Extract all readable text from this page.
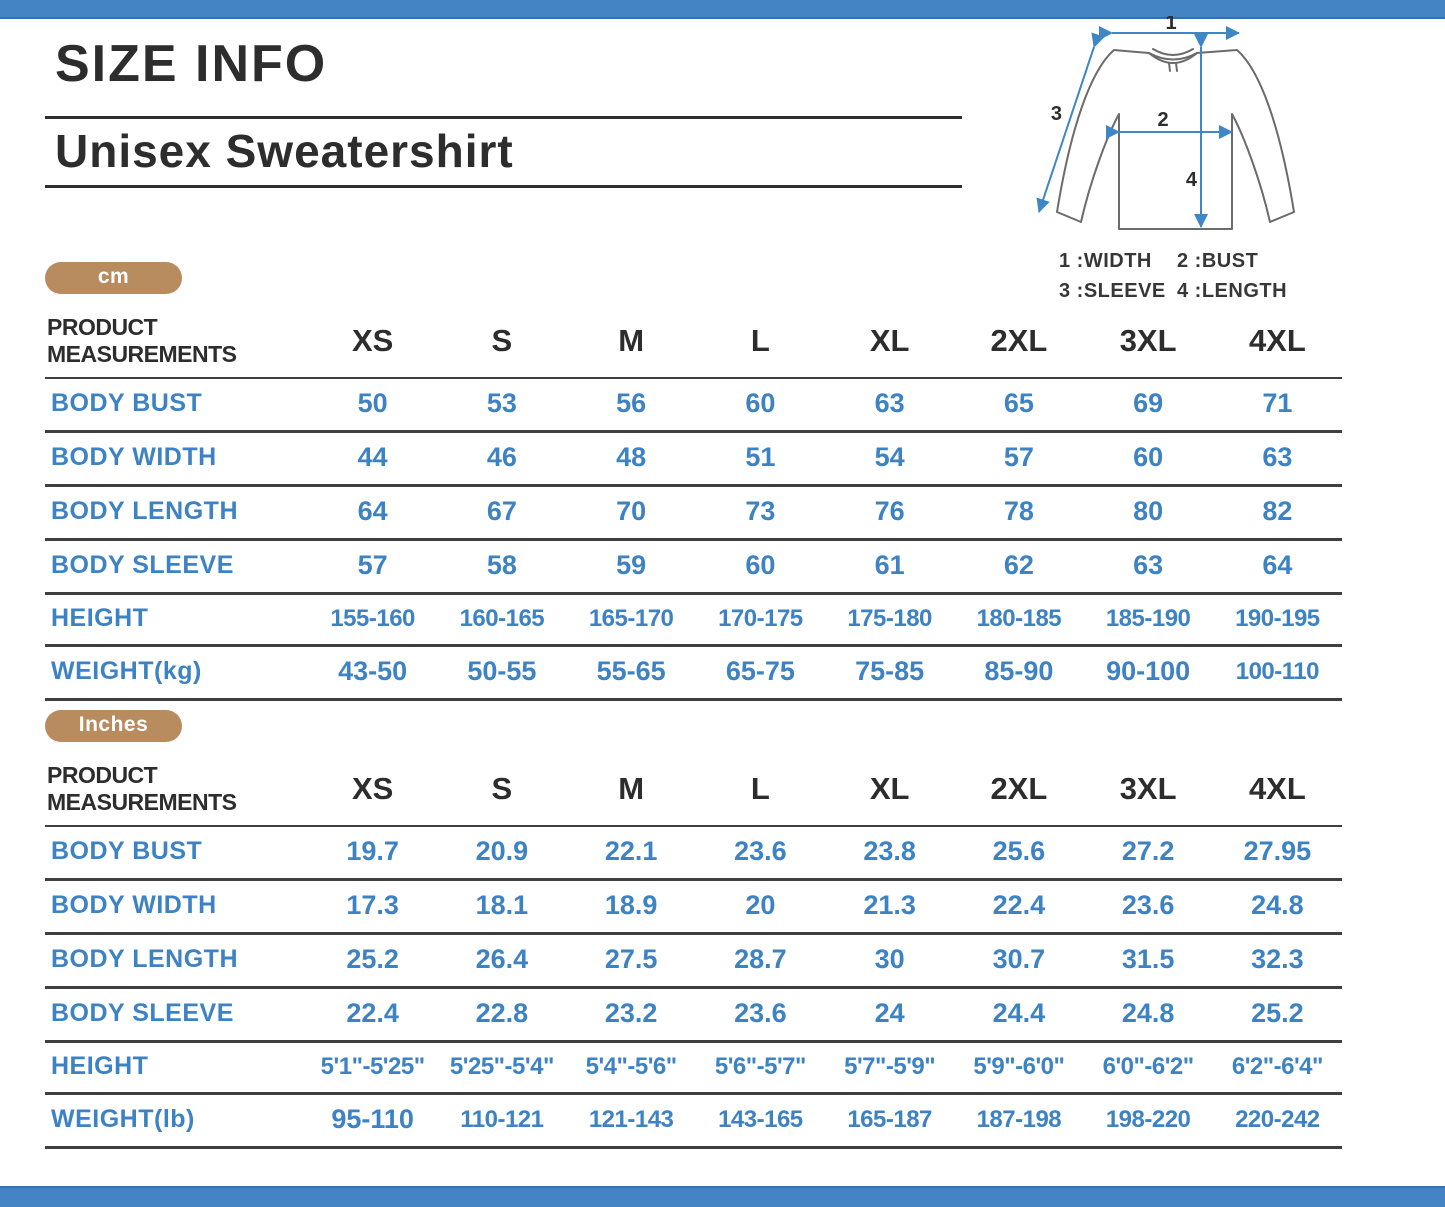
SIZE INFO
Unisex Sweatershirt
1
2
3
4
1 :WIDTH	2 :BUST
3 :SLEEVE 4 :LENGTH
cm
PRODUCT MEASUREMENTS	XS	S	M	L	XL	2XL	3XL	4XL
BODY BUST	50	53	56	60	63	65	69	71
BODY WIDTH	44	46	48	51	54	57	60	63
BODY LENGTH	64	67	70	73	76	78	80	82
BODY SLEEVE	57	58	59	60	61	62	63	64
HEIGHT	155-160	160-165	165-170	170-175	175-180	180-185	185-190	190-195
WEIGHT(kg)	43-50	50-55	55-65	65-75	75-85	85-90	90-100	100-110
Inches
PRODUCT MEASUREMENTS	XS	S	M	L	XL	2XL	3XL	4XL
BODY BUST	19.7	20.9	22.1	23.6	23.8	25.6	27.2	27.95
BODY WIDTH	17.3	18.1	18.9	20	21.3	22.4	23.6	24.8
BODY LENGTH	25.2	26.4	27.5	28.7	30	30.7	31.5	32.3
BODY SLEEVE	22.4	22.8	23.2	23.6	24	24.4	24.8	25.2
HEIGHT	5'1"-5'25"	5'25"-5'4"	5'4"-5'6"	5'6"-5'7"	5'7"-5'9"	5'9"-6'0"	6'0"-6'2"	6'2"-6'4"
WEIGHT(lb)	95-110	110-121	121-143	143-165	165-187	187-198	198-220	220-242
